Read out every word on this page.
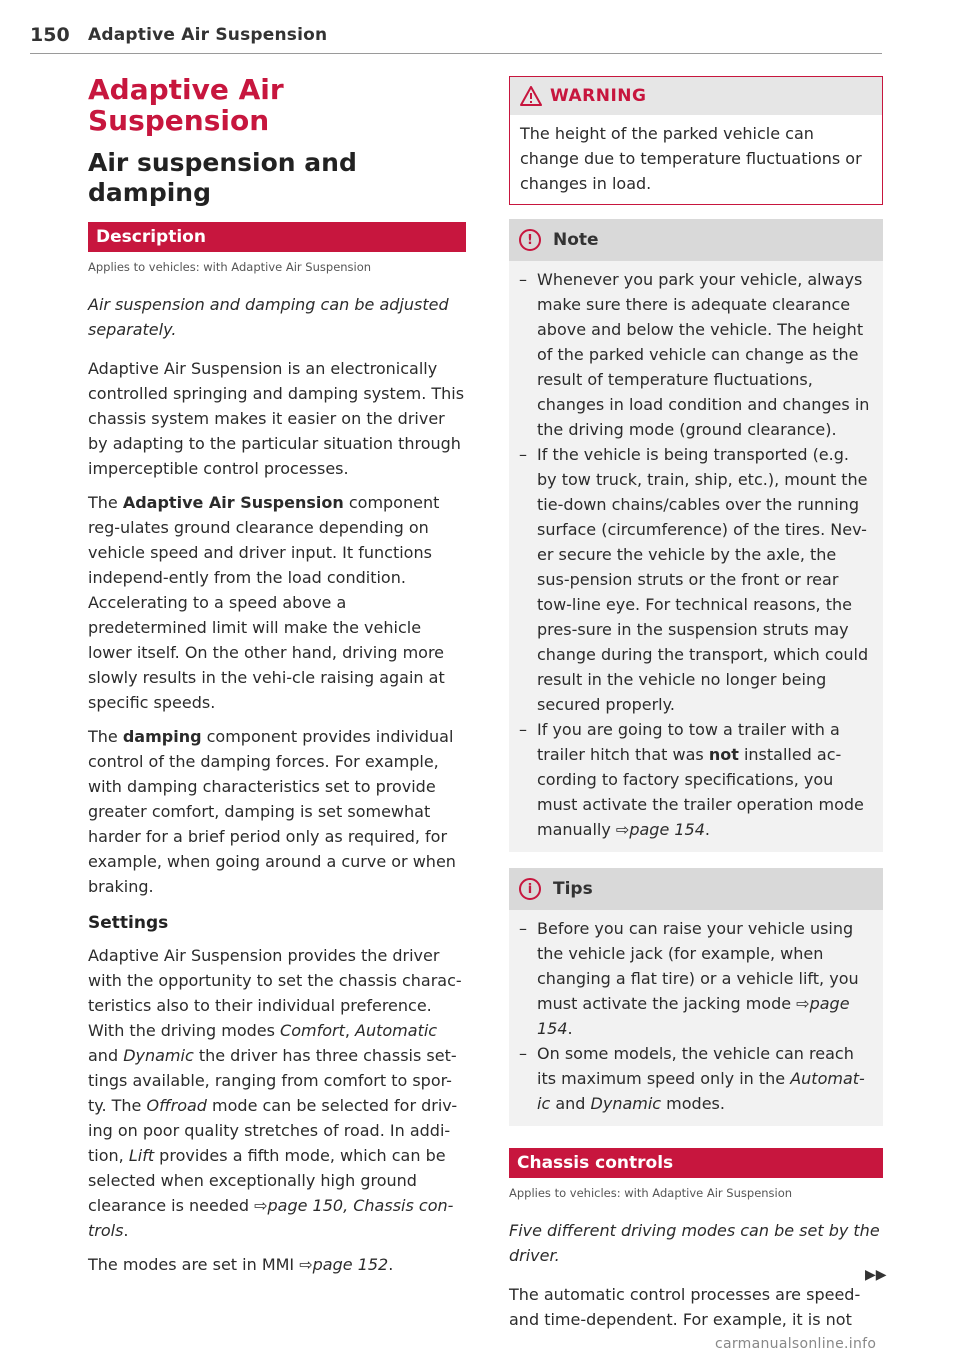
150 Adaptive Air Suspension
Adaptive Air Suspension
Air suspension and damping
Description
Applies to vehicles: with Adaptive Air Suspension
Air suspension and damping can be adjusted separately.

Adaptive Air Suspension is an electronically controlled springing and damping system. This chassis system makes it easier on the driver by adapting to the particular situation through imperceptible control processes.

The Adaptive Air Suspension component reg-ulates ground clearance depending on vehicle speed and driver input. It functions independ-ently from the load condition. Accelerating to a speed above a predetermined limit will make the vehicle lower itself. On the other hand, driving more slowly results in the vehi-cle raising again at specific speeds.

The damping component provides individual control of the damping forces. For example, with damping characteristics set to provide greater comfort, damping is set somewhat harder for a brief period only as required, for example, when going around a curve or when braking.

Settings

Adaptive Air Suspension provides the driver with the opportunity to set the chassis charac-teristics also to their individual preference. With the driving modes Comfort, Automatic and Dynamic the driver has three chassis set-tings available, ranging from comfort to spor-ty. The Offroad mode can be selected for driv-ing on poor quality stretches of road. In addi-tion, Lift provides a fifth mode, which can be selected when exceptionally high ground clearance is needed ⇨page 150, Chassis con-trols.

The modes are set in MMI ⇨page 152.

WARNING
The height of the parked vehicle can change due to temperature fluctuations or changes in load.
!	Note
– Whenever you park your vehicle, always make sure there is adequate clearance above and below the vehicle. The height of the parked vehicle can change as the result of temperature fluctuations, changes in load condition and changes in the driving mode (ground clearance).
– If the vehicle is being transported (e.g. by tow truck, train, ship, etc.), mount the tie-down chains/cables over the running surface (circumference) of the tires. Nev-er secure the vehicle by the axle, the sus-pension struts or the front or rear tow-line eye. For technical reasons, the pres-sure in the suspension struts may change during the transport, which could result in the vehicle no longer being secured properly.
– If you are going to tow a trailer with a trailer hitch that was not installed ac-cording to factory specifications, you must activate the trailer operation mode manually ⇨page 154.
i	Tips
– Before you can raise your vehicle using the vehicle jack (for example, when changing a flat tire) or a vehicle lift, you must activate the jacking mode ⇨page 154.
– On some models, the vehicle can reach its maximum speed only in the Automat-ic and Dynamic modes.
Chassis controls
Applies to vehicles: with Adaptive Air Suspension
Five different driving modes can be set by the driver.

The automatic control processes are speed-and time-dependent. For example, it is not

▶▶
carmanualsonline.info
